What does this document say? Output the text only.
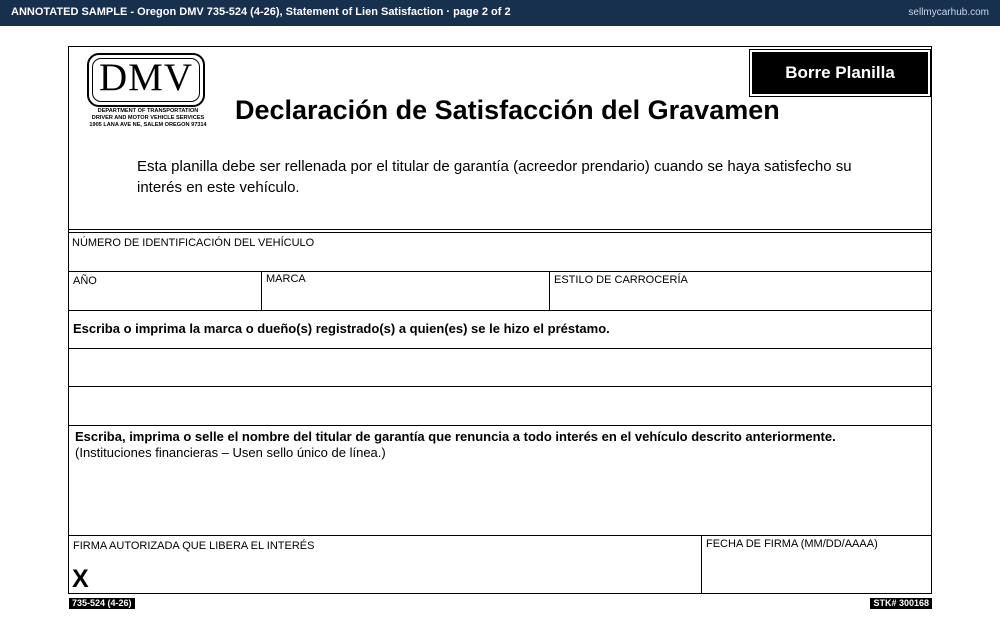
ANNOTATED SAMPLE - Oregon DMV 735-524 (4-26), Statement of Lien Satisfaction · page 2 of 2	sellmycarhub.com
DMV
DEPARTMENT OF TRANSPORTATION
DRIVER AND MOTOR VEHICLE SERVICES
1905 LANA AVE NE, SALEM OREGON 97314
Borre Planilla
Declaración de Satisfacción del Gravamen
Esta planilla debe ser rellenada por el titular de garantía (acreedor prendario) cuando se haya satisfecho su interés en este vehículo.
NÚMERO DE IDENTIFICACIÓN DEL VEHÍCULO
AÑO	MARCA	ESTILO DE CARROCERÍA
Escriba o imprima la marca o dueño(s) registrado(s) a quien(es) se le hizo el préstamo.
Escriba, imprima o selle el nombre del titular de garantía que renuncia a todo interés en el vehículo descrito anteriormente.
(Instituciones financieras – Usen sello único de línea.)
FIRMA AUTORIZADA QUE LIBERA EL INTERÉS
X
FECHA DE FIRMA (MM/DD/AAAA)
735-524 (4-26)	STK# 300168
